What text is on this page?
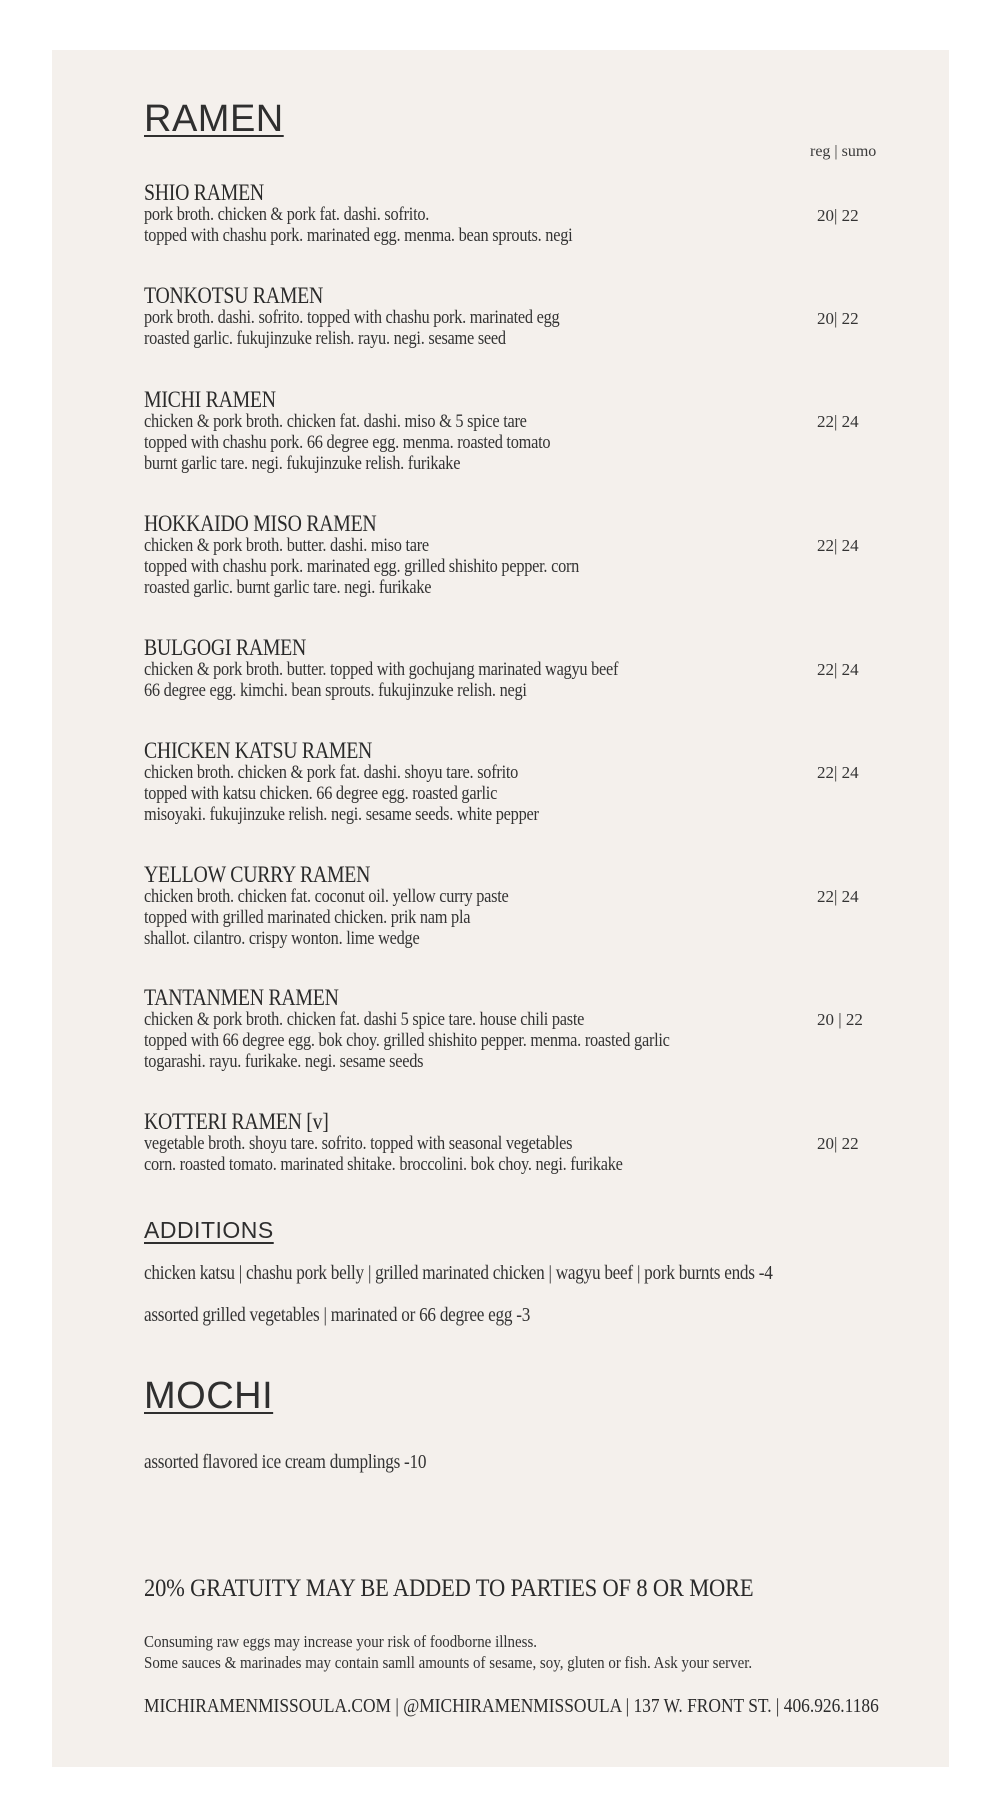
RAMEN
reg | sumo
SHIO RAMEN
pork broth. chicken & pork fat. dashi. sofrito.
topped with chashu pork. marinated egg. menma. bean sprouts. negi
20| 22
TONKOTSU RAMEN
pork broth. dashi. sofrito. topped with chashu pork. marinated egg
roasted garlic. fukujinzuke relish. rayu. negi. sesame seed
20| 22
MICHI RAMEN
chicken & pork broth. chicken fat. dashi. miso & 5 spice tare
topped with chashu pork. 66 degree egg. menma. roasted tomato
burnt garlic tare. negi. fukujinzuke relish. furikake
22| 24
HOKKAIDO MISO RAMEN
chicken & pork broth. butter. dashi. miso tare
topped with chashu pork. marinated egg. grilled shishito pepper. corn
roasted garlic. burnt garlic tare. negi. furikake
22| 24
BULGOGI RAMEN
chicken & pork broth. butter. topped with gochujang marinated wagyu beef
66 degree egg. kimchi. bean sprouts. fukujinzuke relish. negi
22| 24
CHICKEN KATSU RAMEN
chicken broth. chicken & pork fat. dashi. shoyu tare. sofrito
topped with katsu chicken. 66 degree egg. roasted garlic
misoyaki. fukujinzuke relish. negi. sesame seeds. white pepper
22| 24
YELLOW CURRY RAMEN
chicken broth. chicken fat. coconut oil. yellow curry paste
topped with grilled marinated chicken. prik nam pla
shallot. cilantro. crispy wonton. lime wedge
22| 24
TANTANMEN RAMEN
chicken & pork broth. chicken fat. dashi 5 spice tare. house chili paste
topped with 66 degree egg. bok choy. grilled shishito pepper. menma. roasted garlic
togarashi. rayu. furikake. negi. sesame seeds
20 | 22
KOTTERI RAMEN [v]
vegetable broth. shoyu tare. sofrito. topped with seasonal vegetables
corn. roasted tomato. marinated shitake. broccolini. bok choy. negi. furikake
20| 22
ADDITIONS
chicken katsu | chashu pork belly | grilled marinated chicken | wagyu beef | pork burnts ends -4
assorted grilled vegetables | marinated or 66 degree egg -3
MOCHI
assorted flavored ice cream dumplings -10
20% GRATUITY MAY BE ADDED TO PARTIES OF 8 OR MORE
Consuming raw eggs may increase your risk of foodborne illness.
Some sauces & marinades may contain samll amounts of sesame, soy, gluten or fish. Ask your server.
MICHIRAMENMISSOULA.COM | @MICHIRAMENMISSOULA | 137 W. FRONT ST. | 406.926.1186
